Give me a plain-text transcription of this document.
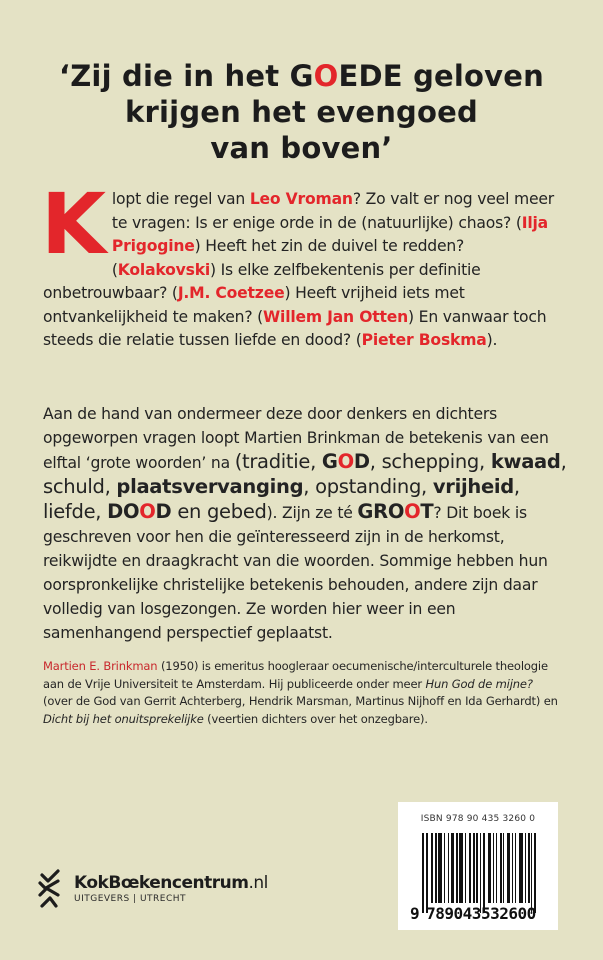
‘Zij die in het GOEDE geloven
krijgen het evengoed
van boven’
Klopt die regel van Leo Vroman? Zo valt er nog veel meer te vragen: Is er enige orde in de (natuurlijke) chaos? (Ilja Prigogine) Heeft het zin de duivel te redden? (Kolakovski) Is elke zelfbekentenis per definitie onbetrouwbaar? (J.M. Coetzee) Heeft vrijheid iets met ontvankelijkheid te maken? (Willem Jan Otten) En vanwaar toch steeds die relatie tussen liefde en dood? (Pieter Boskma).
Aan de hand van ondermeer deze door denkers en dichters opgeworpen vragen loopt Martien Brinkman de betekenis van een elftal ‘grote woorden’ na (traditie, GOD, schepping, kwaad, schuld, plaatsvervanging, opstanding, vrijheid, liefde, DOOD en gebed). Zijn ze té GROOT? Dit boek is geschreven voor hen die geïnteresseerd zijn in de herkomst, reikwijdte en draagkracht van die woorden. Sommige hebben hun oorspronkelijke christelijke betekenis behouden, andere zijn daar volledig van losgezongen. Ze worden hier weer in een samenhangend perspectief geplaatst.
Martien E. Brinkman (1950) is emeritus hoogleraar oecumenische/interculturele theologie aan de Vrije Universiteit te Amsterdam. Hij publiceerde onder meer Hun God de mijne? (over de God van Gerrit Achterberg, Hendrik Marsman, Martinus Nijhoff en Ida Gerhardt) en Dicht bij het onuitsprekelijke (veertien dichters over het onzegbare).
KokBœkencentrum.nl
UITGEVERS | UTRECHT
ISBN 978 90 435 3260 0
9 789043532600
